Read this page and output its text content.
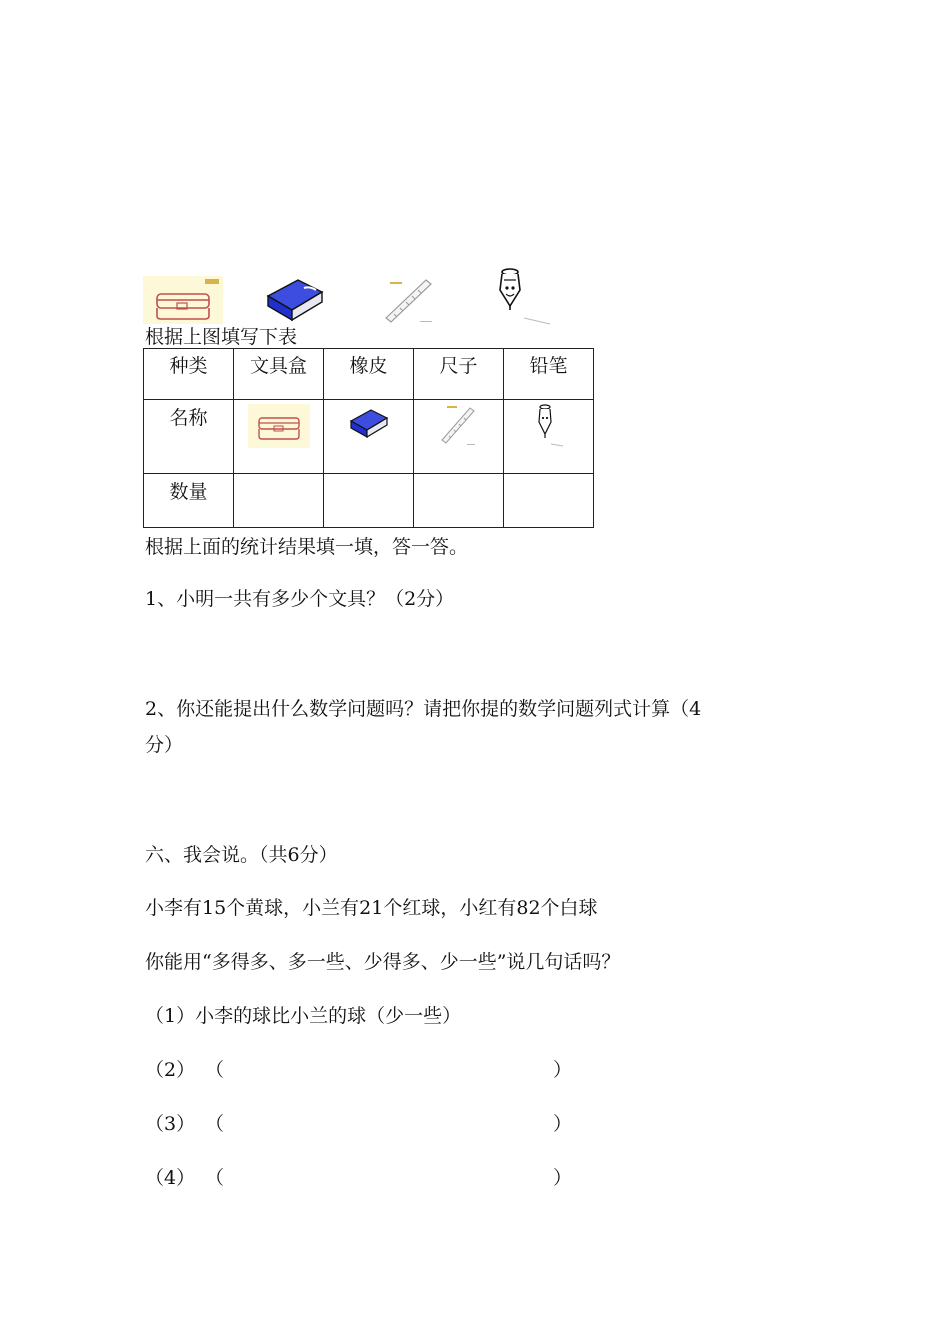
根据上图填写下表
种类	文具盒	橡皮	尺子	铅笔

名称

数量				

根据上面的统计结果填一填，答一答。
1、小明一共有多少个文具？（2分）
2、你还能提出什么数学问题吗？请把你提的数学问题列式计算（4
分）
六、我会说。（共6分）
小李有15个黄球，小兰有21个红球，小红有82个白球
你能用“多得多、多一些、少得多、少一些”说几句话吗？
（1）小李的球比小兰的球（少一些）
（2） （	）
（3） （	）
（4） （	）
